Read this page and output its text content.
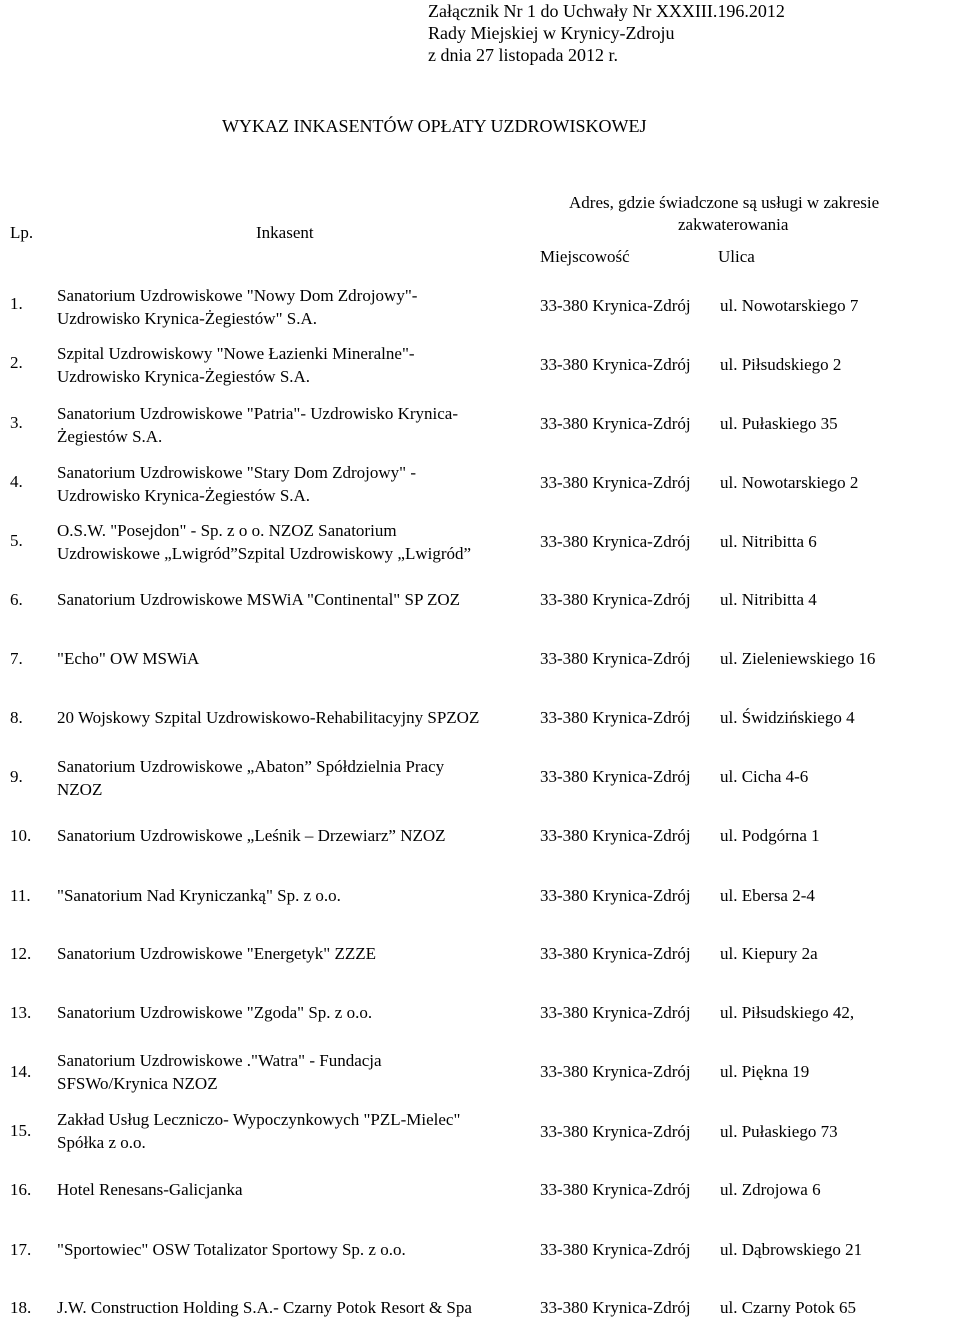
Załącznik Nr 1 do Uchwały Nr XXXIII.196.2012
Rady Miejskiej w Krynicy-Zdroju
z dnia 27 listopada 2012 r.
WYKAZ INKASENTÓW OPŁATY UZDROWISKOWEJ
Lp.	Inkasent
Adres, gdzie świadczone są usługi w zakresie
zakwaterowania
Miejscowość	Ulica
1. Sanatorium Uzdrowiskowe "Nowy Dom Zdrojowy"-
Uzdrowisko Krynica-Żegiestów" S.A.
33-380 Krynica-Zdrój ul. Nowotarskiego 7
2. Szpital Uzdrowiskowy "Nowe Łazienki Mineralne"-
Uzdrowisko Krynica-Żegiestów S.A.
33-380 Krynica-Zdrój ul. Piłsudskiego 2
3. Sanatorium Uzdrowiskowe "Patria"- Uzdrowisko Krynica-
Żegiestów S.A.
33-380 Krynica-Zdrój ul. Pułaskiego 35
4. Sanatorium Uzdrowiskowe "Stary Dom Zdrojowy" -
Uzdrowisko Krynica-Żegiestów S.A.
33-380 Krynica-Zdrój ul. Nowotarskiego 2
5.
O.S.W. "Posejdon" - Sp. z o o. NZOZ Sanatorium
Uzdrowiskowe „Lwigród”Szpital Uzdrowiskowy „Lwigród”
33-380 Krynica-Zdrój ul. Nitribitta 6
6. Sanatorium Uzdrowiskowe MSWiA "Continental" SP ZOZ	33-380 Krynica-Zdrój ul. Nitribitta 4
7. "Echo" OW MSWiA	33-380 Krynica-Zdrój ul. Zieleniewskiego 16
8. 20 Wojskowy Szpital Uzdrowiskowo-Rehabilitacyjny SPZOZ	33-380 Krynica-Zdrój ul. Świdzińskiego 4
9.
Sanatorium Uzdrowiskowe „Abaton” Spółdzielnia Pracy
NZOZ
33-380 Krynica-Zdrój ul. Cicha 4-6
10. Sanatorium Uzdrowiskowe „Leśnik – Drzewiarz” NZOZ	33-380 Krynica-Zdrój ul. Podgórna 1
11. "Sanatorium Nad Kryniczanką" Sp. z o.o.	33-380 Krynica-Zdrój ul. Ebersa 2-4
12. Sanatorium Uzdrowiskowe "Energetyk" ZZZE	33-380 Krynica-Zdrój ul. Kiepury 2a
13. Sanatorium Uzdrowiskowe "Zgoda" Sp. z o.o.	33-380 Krynica-Zdrój ul. Piłsudskiego 42,
14.
Sanatorium Uzdrowiskowe ."Watra" - Fundacja
SFSWo/Krynica NZOZ
33-380 Krynica-Zdrój ul. Piękna 19
15.
Zakład Usług Leczniczo- Wypoczynkowych "PZL-Mielec"
Spółka z o.o.
33-380 Krynica-Zdrój ul. Pułaskiego 73
16. Hotel Renesans-Galicjanka	33-380 Krynica-Zdrój ul. Zdrojowa 6
17. "Sportowiec" OSW Totalizator Sportowy Sp. z o.o.	33-380 Krynica-Zdrój ul. Dąbrowskiego 21
18. J.W. Construction Holding S.A.- Czarny Potok Resort & Spa	33-380 Krynica-Zdrój ul. Czarny Potok 65
